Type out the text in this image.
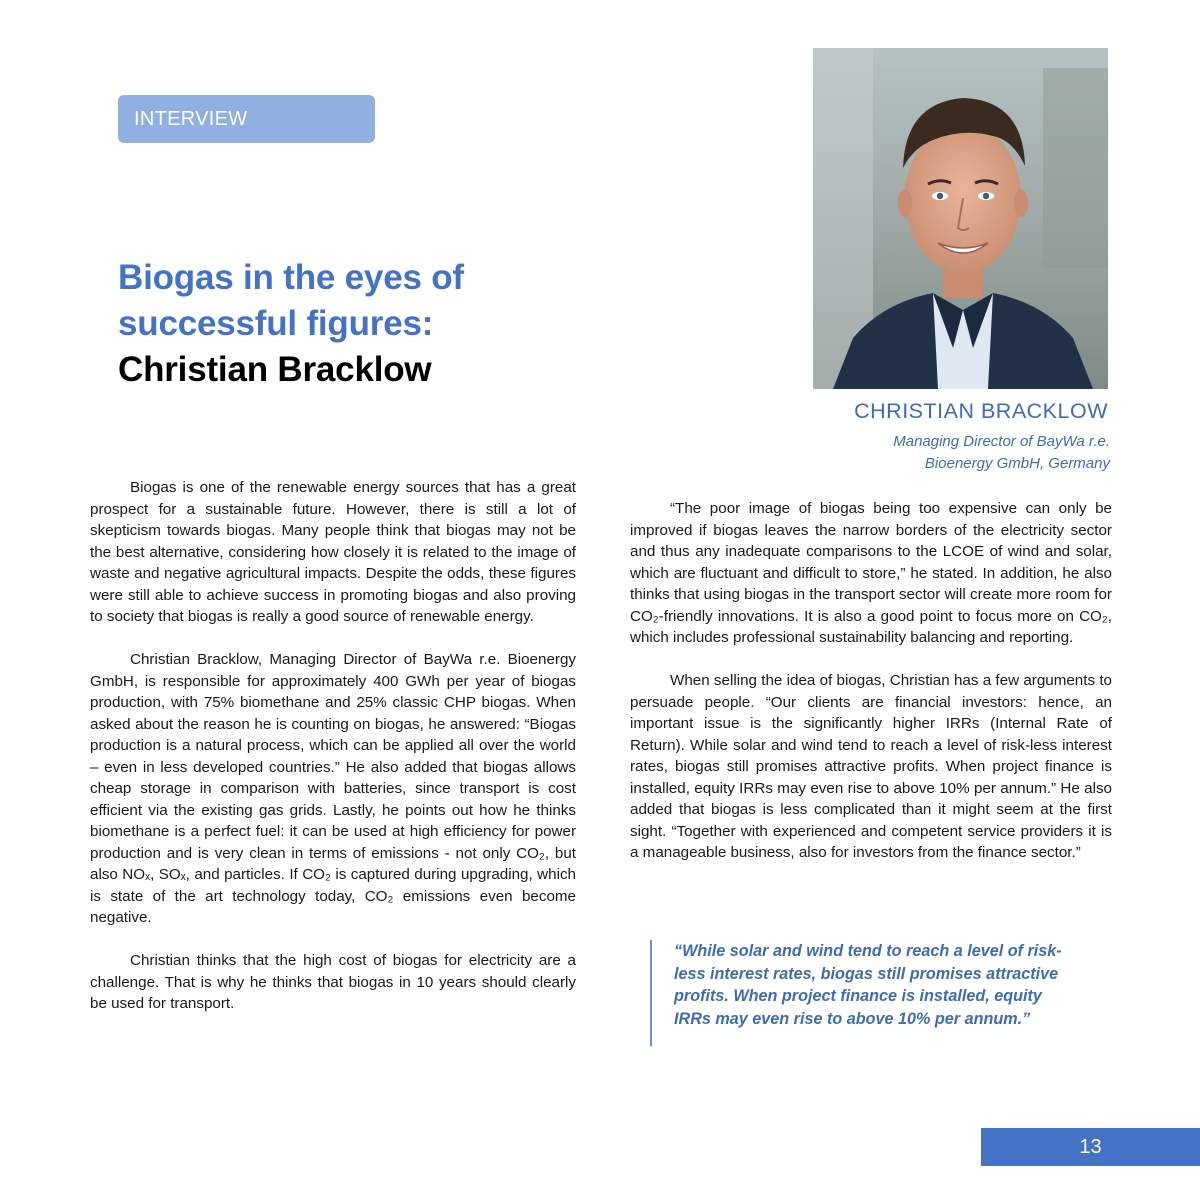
INTERVIEW
Biogas in the eyes of
successful figures:
Christian Bracklow
CHRISTIAN BRACKLOW
Managing Director of BayWa r.e.
Bioenergy GmbH, Germany

Biogas is one of the renewable energy sources that has a great prospect for a sustainable future. However, there is still a lot of skepticism towards biogas. Many people think that biogas may not be the best alternative, considering how closely it is related to the image of waste and negative agricultural impacts. Despite the odds, these figures were still able to achieve success in promoting biogas and also proving to society that biogas is really a good source of renewable energy.

Christian Bracklow, Managing Director of BayWa r.e. Bioenergy GmbH, is responsible for approximately 400 GWh per year of biogas production, with 75% biomethane and 25% classic CHP biogas. When asked about the reason he is counting on biogas, he answered: “Biogas production is a natural process, which can be applied all over the world – even in less developed countries.” He also added that biogas allows cheap storage in comparison with batteries, since transport is cost efficient via the existing gas grids. Lastly, he points out how he thinks biomethane is a perfect fuel: it can be used at high efficiency for power production and is very clean in terms of emissions - not only CO₂, but also NOₓ, SOₓ, and particles. If CO₂ is captured during upgrading, which is state of the art technology today, CO₂ emissions even become negative.

Christian thinks that the high cost of biogas for electricity are a challenge. That is why he thinks that biogas in 10 years should clearly be used for transport.

“The poor image of biogas being too expensive can only be improved if biogas leaves the narrow borders of the electricity sector and thus any inadequate comparisons to the LCOE of wind and solar, which are fluctuant and difficult to store,” he stated. In addition, he also thinks that using biogas in the transport sector will create more room for CO₂-friendly innovations. It is also a good point to focus more on CO₂, which includes professional sustainability balancing and reporting.

When selling the idea of biogas, Christian has a few arguments to persuade people. “Our clients are financial investors: hence, an important issue is the significantly higher IRRs (Internal Rate of Return). While solar and wind tend to reach a level of risk-less interest rates, biogas still promises attractive profits. When project finance is installed, equity IRRs may even rise to above 10% per annum.” He also added that biogas is less complicated than it might seem at the first sight. “Together with experienced and competent service providers it is a manageable business, also for investors from the finance sector.”

“While solar and wind tend to reach a level of risk-less interest rates, biogas still promises attractive profits. When project finance is installed, equity IRRs may even rise to above 10% per annum.”

13
